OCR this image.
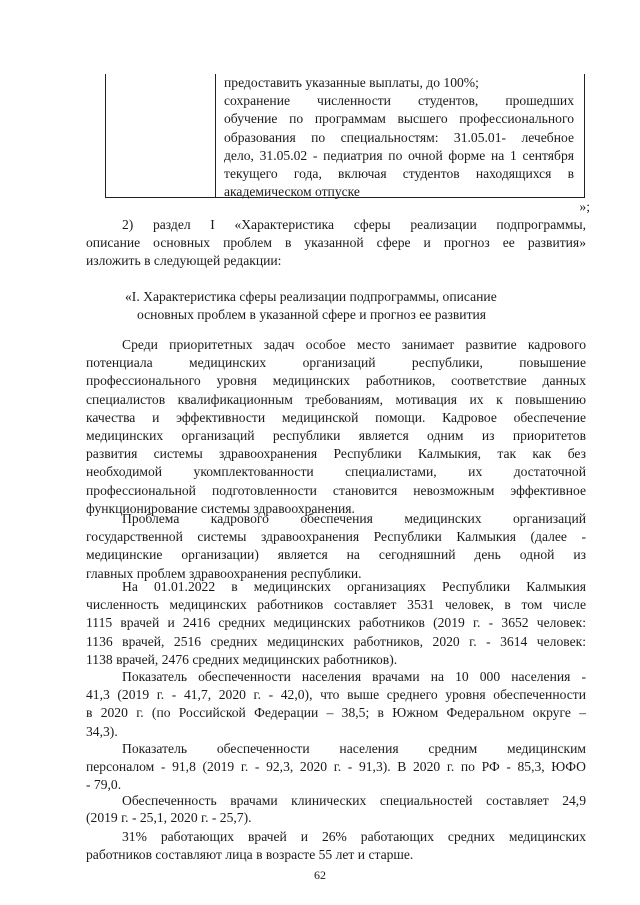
предоставить указанные выплаты, до 100%;
сохранение численности студентов, прошедших
обучение по программам высшего профессионального
образования по специальностям: 31.05.01- лечебное
дело, 31.05.02 - педиатрия по очной форме на 1 сентября
текущего года, включая студентов находящихся в
академическом отпуске
»;

2) раздел I «Характеристика сферы реализации подпрограммы,
описание основных проблем в указанной сфере и прогноз ее развития»
изложить в следующей редакции:

«I. Характеристика сферы реализации подпрограммы, описание
основных проблем в указанной сфере и прогноз ее развития

Среди приоритетных задач особое место занимает развитие кадрового
потенциала медицинских организаций республики, повышение
профессионального уровня медицинских работников, соответствие данных
специалистов квалификационным требованиям, мотивация их к повышению
качества и эффективности медицинской помощи. Кадровое обеспечение
медицинских организаций республики является одним из приоритетов
развития системы здравоохранения Республики Калмыкия, так как без
необходимой укомплектованности специалистами, их достаточной
профессиональной подготовленности становится невозможным эффективное
функционирование системы здравоохранения.

Проблема кадрового обеспечения медицинских организаций
государственной системы здравоохранения Республики Калмыкия (далее -
медицинские организации) является на сегодняшний день одной из
главных проблем здравоохранения республики.

На 01.01.2022 в медицинских организациях Республики Калмыкия
численность медицинских работников составляет 3531 человек, в том числе
1115 врачей и 2416 средних медицинских работников (2019 г. - 3652 человек:
1136 врачей, 2516 средних медицинских работников, 2020 г. - 3614 человек:
1138 врачей, 2476 средних медицинских работников).

Показатель обеспеченности населения врачами на 10 000 населения -
41,3 (2019 г. - 41,7, 2020 г. - 42,0), что выше среднего уровня обеспеченности
в 2020 г. (по Российской Федерации – 38,5; в Южном Федеральном округе –
34,3).

Показатель обеспеченности населения средним медицинским
персоналом - 91,8 (2019 г. - 92,3, 2020 г. - 91,3). В 2020 г. по РФ - 85,3, ЮФО
- 79,0.

Обеспеченность врачами клинических специальностей составляет 24,9
(2019 г. - 25,1, 2020 г. - 25,7).

31% работающих врачей и 26% работающих средних медицинских
работников составляют лица в возрасте 55 лет и старше.

62
